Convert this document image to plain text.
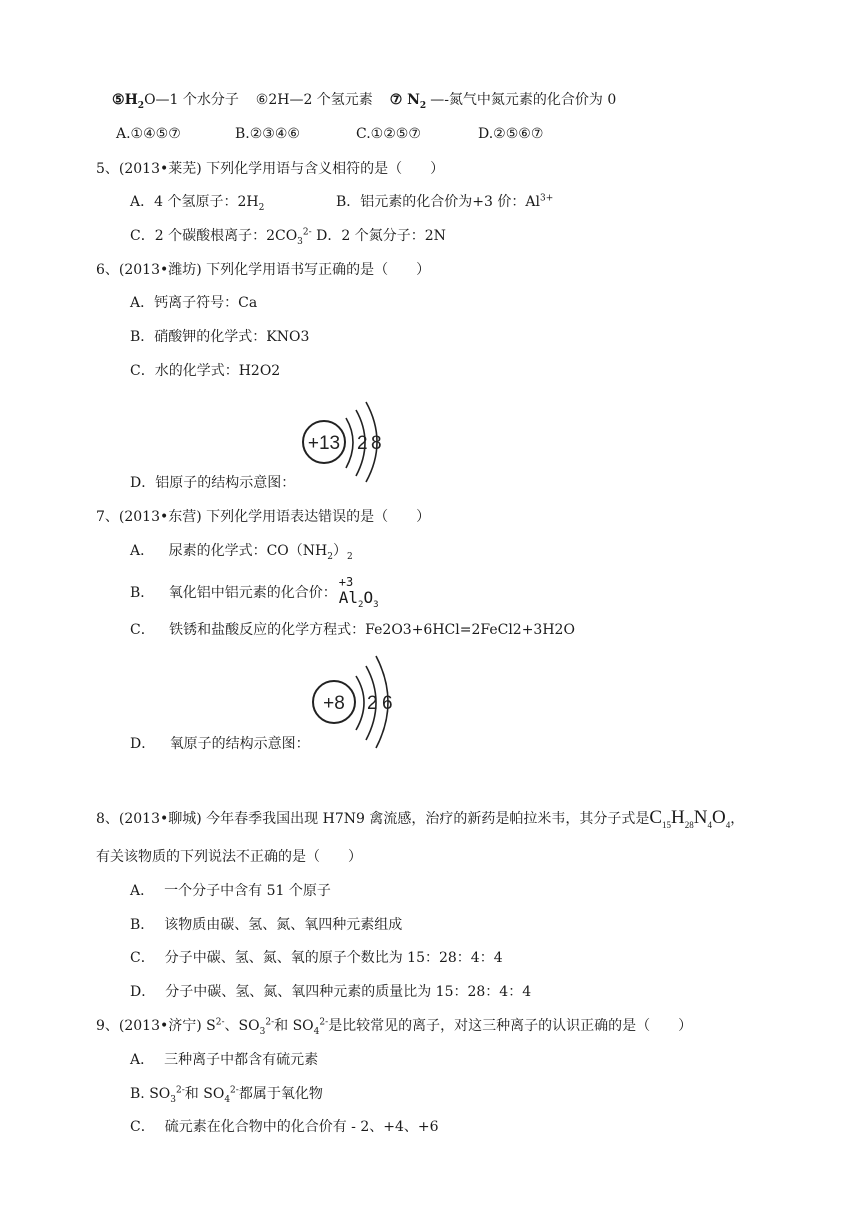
$⑤H_2O—1$ 个水分子 ⑥2H—2 个氢元素 ⑦ $N_2$ —-氮气中氮元素的化合价为 0
A.①④⑤⑦	B.②③④⑥	C.①②⑤⑦	D.②⑤⑥⑦
5、(2013•莱芜) 下列化学用语与含义相符的是（　　）
A．4 个氢原子：$2H_2$	B．铝元素的化合价为+3 价：$Al^{3+}$
C．2 个碳酸根离子：$2CO_3^{2-}$ D．2 个氮分子：2N
6、(2013•潍坊) 下列化学用语书写正确的是（　　）
A．钙离子符号：Ca
B．硝酸钾的化学式：KNO3
C．水的化学式：H2O2
+13 2 8
D．铝原子的结构示意图：
7、(2013•东营) 下列化学用语表达错误的是（　　）
A． 尿素的化学式：$CO(NH_2)_2$
B． 氧化铝中铝元素的化合价：
+3
$Al_2O_3$
C． 铁锈和盐酸反应的化学方程式：Fe2O3+6HCl=2FeCl2+3H2O
+8 2 6
D． 氧原子的结构示意图：
8、(2013•聊城) 今年春季我国出现 H7N9 禽流感，治疗的新药是帕拉米韦，其分子式是$C_{15}H_{28}N_4O_4$，
有关该物质的下列说法不正确的是（　　）
A． 一个分子中含有 51 个原子
B． 该物质由碳、氢、氮、氧四种元素组成
C． 分子中碳、氢、氮、氧的原子个数比为 15：28：4：4
D． 分子中碳、氢、氮、氧四种元素的质量比为 15：28：4：4
9、(2013•济宁) $S^{2-}$、$SO_3^{2-}$和 $SO_4^{2-}$是比较常见的离子，对这三种离子的认识正确的是（　　）
A． 三种离子中都含有硫元素
B. $SO_3^{2-}$和 $SO_4^{2-}$都属于氧化物
C． 硫元素在化合物中的化合价有 - 2、+4、+6
